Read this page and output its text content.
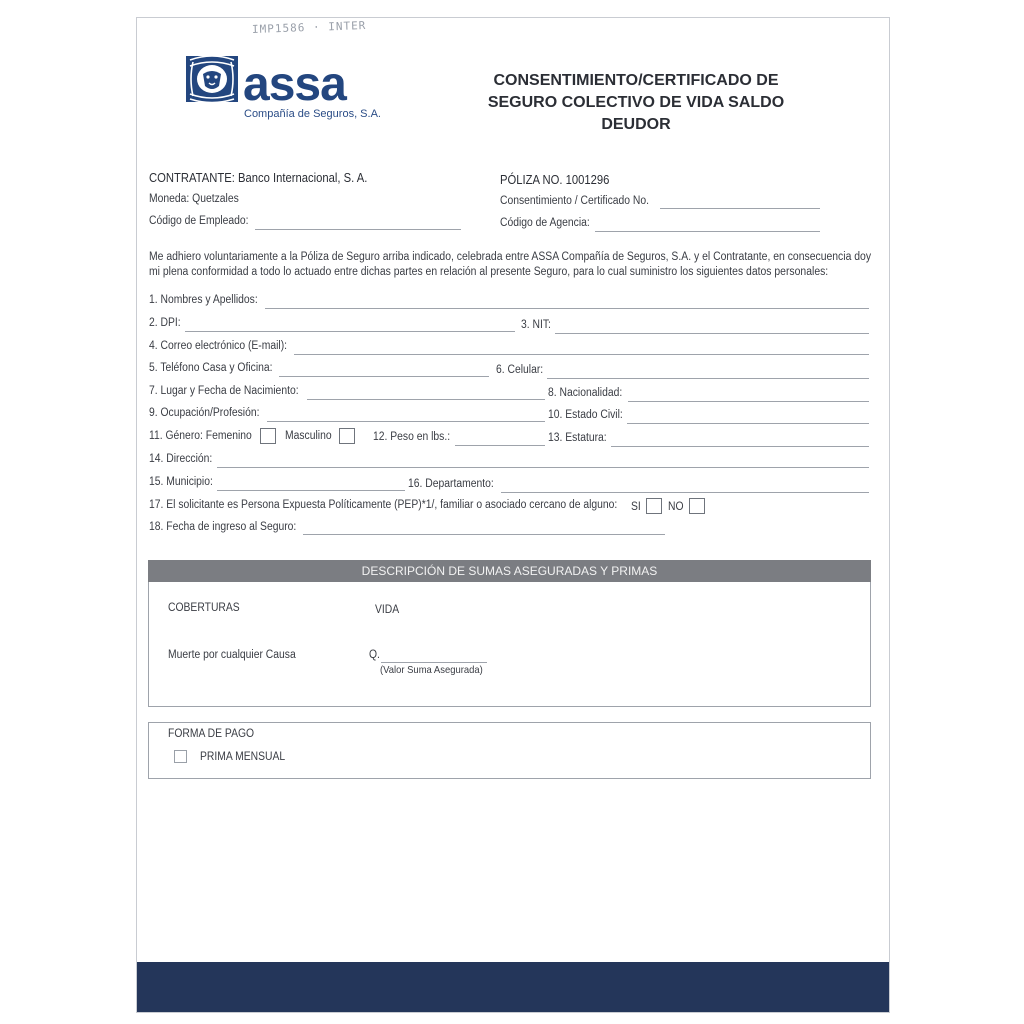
IMP1586 · INTER
assa
Compañía de Seguros, S.A.
CONSENTIMIENTO/CERTIFICADO DE
SEGURO COLECTIVO DE VIDA SALDO DEUDOR
CONTRATANTE: Banco Internacional, S. A.
Moneda: Quetzales
Código de Empleado:
PÓLIZA NO. 1001296
Consentimiento / Certificado No.
Código de Agencia:
Me adhiero voluntariamente a la Póliza de Seguro arriba indicado, celebrada entre ASSA Compañía de Seguros, S.A. y el Contratante, en consecuencia doy mi plena conformidad a todo lo actuado entre dichas partes en relación al presente Seguro, para lo cual suministro los siguientes datos personales:
1. Nombres y Apellidos:
2. DPI:	3. NIT:
4. Correo electrónico (E-mail):
5. Teléfono Casa y Oficina:	6. Celular:
7. Lugar y Fecha de Nacimiento:	8. Nacionalidad:
9. Ocupación/Profesión:	10. Estado Civil:
11. Género: Femenino	Masculino	12. Peso en lbs.:	13. Estatura:
14. Dirección:
15. Municipio:	16. Departamento:
17. El solicitante es Persona Expuesta Políticamente (PEP)*1/, familiar o asociado cercano de alguno: SI NO
18. Fecha de ingreso al Seguro:
DESCRIPCIÓN DE SUMAS ASEGURADAS Y PRIMAS
COBERTURAS	VIDA
Muerte por cualquier Causa	Q.
(Valor Suma Asegurada)
FORMA DE PAGO
PRIMA MENSUAL
